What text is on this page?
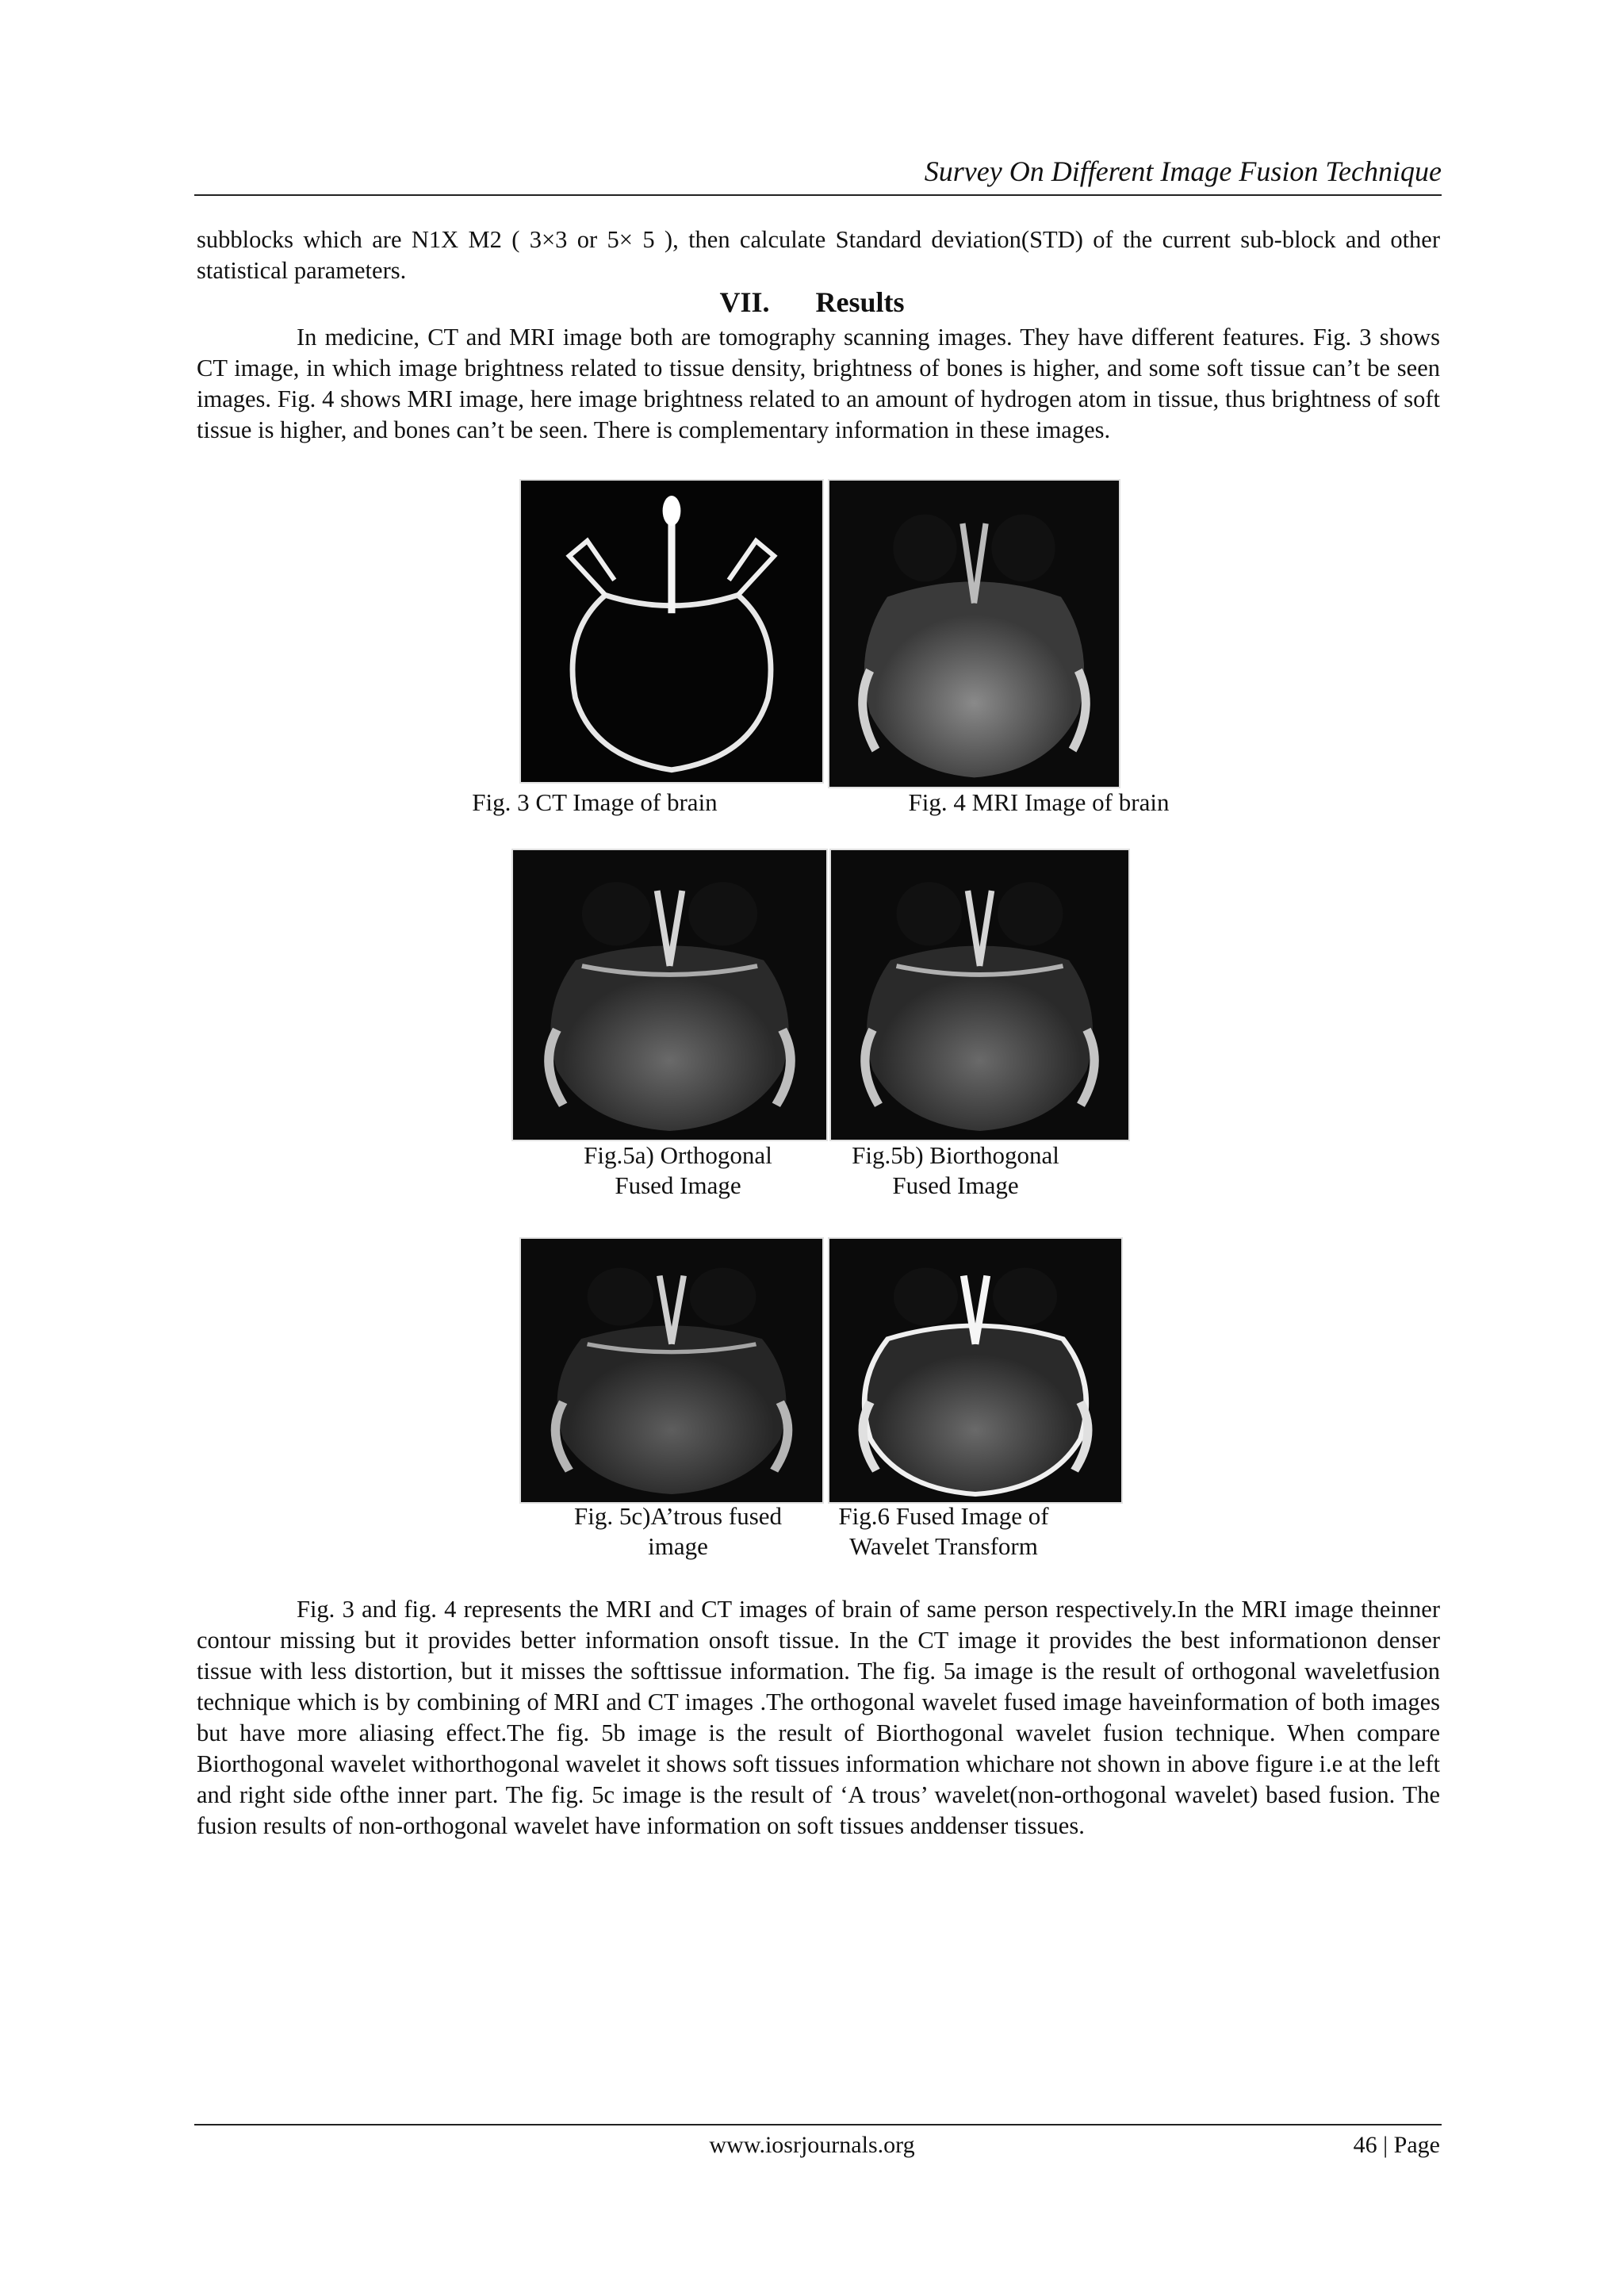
Survey On Different Image Fusion Technique
subblocks which are N1X M2 ( 3×3 or 5× 5 ), then calculate Standard deviation(STD) of the current sub-block and other statistical parameters.
VII. Results
In medicine, CT and MRI image both are tomography scanning images. They have different features. Fig. 3 shows CT image, in which image brightness related to tissue density, brightness of bones is higher, and some soft tissue can’t be seen images. Fig. 4 shows MRI image, here image brightness related to an amount of hydrogen atom in tissue, thus brightness of soft tissue is higher, and bones can’t be seen. There is complementary information in these images.
Fig. 3 CT Image of brain	Fig. 4 MRI Image of brain
Fig.5a) Orthogonal
Fused Image
Fig.5b) Biorthogonal
Fused Image
Fig. 5c)A’trous fused
image
Fig.6 Fused Image of
Wavelet Transform
Fig. 3 and fig. 4 represents the MRI and CT images of brain of same person respectively.In the MRI image theinner contour missing but it provides better information onsoft tissue. In the CT image it provides the best informationon denser tissue with less distortion, but it misses the softtissue information. The fig. 5a image is the result of orthogonal waveletfusion technique which is by combining of MRI and CT images .The orthogonal wavelet fused image haveinformation of both images but have more aliasing effect.The fig. 5b image is the result of Biorthogonal wavelet fusion technique. When compare Biorthogonal wavelet withorthogonal wavelet it shows soft tissues information whichare not shown in above figure i.e at the left and right side ofthe inner part. The fig. 5c image is the result of ‘A trous’ wavelet(non-orthogonal wavelet) based fusion. The fusion results of non-orthogonal wavelet have information on soft tissues anddenser tissues.
www.iosrjournals.org	46 | Page
